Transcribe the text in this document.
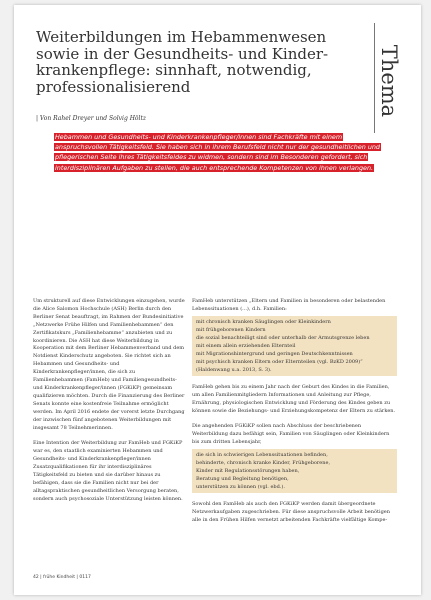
Thema
Weiterbildungen im Hebammenwesen sowie in der Gesundheits- und Kinder-krankenpflege: sinnhaft, notwendig, professionalisierend
| Von Rahel Dreyer und Solvig Höltz
Hebammen und Gesundheits- und Kinderkrankenpfleger/innen sind Fachkräfte mit einem anspruchsvollen Tätigkeitsfeld. Sie haben sich in ihrem Berufsfeld nicht nur der gesundheitlichen und pflegerischen Seite ihres Tätigkeitsfeldes zu widmen, sondern sind im Besonderen gefordert, sich interdisziplinären Aufgaben zu stellen, die auch entsprechende Kompetenzen von ihnen verlangen.

Um strukturell auf diese Entwicklungen einzugehen, wurde die Alice Salomon Hochschule (ASH) Berlin durch den Berliner Senat beauftragt, im Rahmen der Bundesinitiative „Netzwerke Frühe Hilfen und Familienhebammen“ den Zertifikatskurs „Familienhebamme“ anzubieten und zu koordinieren. Die ASH hat diese Weiterbildung in Kooperation mit dem Berliner Hebammenverband und dem Notdienst Kinderschutz angeboten. Sie richtet sich an Hebammen und Gesundheits- und Kinderkrankenpfleger/innen, die sich zu Familienhebammen (FamHeb) und Familiengesundheits- und Kinderkrankenpfleger/innen (FGKiKP) gemeinsam qualifizieren möchten. Durch die Finanzierung des Berliner Senats konnte eine kostenfreie Teilnahme ermöglicht werden. Im April 2016 endete der vorerst letzte Durchgang der inzwischen fünf angebotenen Weiterbildungen mit insgesamt 78 Teilnehmerinnen.

Eine Intention der Weiterbildung zur FamHeb und FGKiKP war es, den staatlich examinierten Hebammen und Gesundheits- und Kinderkrankenpfleger/innen Zusatzqualifikationen für ihr interdisziplinäres Tätigkeitsfeld zu bieten und sie darüber hinaus zu befähigen, dass sie die Familien nicht nur bei der alltagspraktischen gesundheitlichen Versorgung beraten, sondern auch psychosoziale Unterstützung leisten können.

FamHeb unterstützen „Eltern und Familien in besonderen oder belastenden Lebenssituationen (...), d.h. Familien:

mit chronisch kranken Säuglingen oder Kleinkindern
mit frühgeborenen Kindern
die sozial benachteiligt sind oder unterhalb der Armutsgrenze leben
mit einem allein erziehenden Elternteil
mit Migrationshintergrund und geringen Deutschkenntnissen
mit psychisch kranken Eltern oder Elternteilen (vgl. BzKD 2009)“
(Haldenwang u.a. 2013, S. 3).

FamHeb gehen bis zu einem Jahr nach der Geburt des Kindes in die Familien, um allen Familienmitgliedern Informationen und Anleitung zur Pflege, Ernährung, physiologischen Entwicklung und Förderung des Kindes geben zu können sowie die Beziehungs- und Erziehungskompetenz der Eltern zu stärken.

Die angehenden FGKiKP sollen nach Abschluss der beschriebenen Weiterbildung dazu befähigt sein, Familien von Säuglingen oder Kleinkindern bis zum dritten Lebensjahr,

die sich in schwierigen Lebenssituationen befinden,
behinderte, chronisch kranke Kinder, Frühgeborene,
Kinder mit Regulationsstörungen haben,
Beratung und Begleitung benötigen,
unterstützen zu können (vgl. ebd.).

Sowohl den FamHeb als auch den FGKiKP werden damit übergeordnete Netzwerkaufgaben zugeschrieben. Für diese anspruchsvolle Arbeit benötigen alle in den Frühen Hilfen vernetzt arbeitenden Fachkräfte vielfältige Kompe-

42 | frühe Kindheit | 0117
